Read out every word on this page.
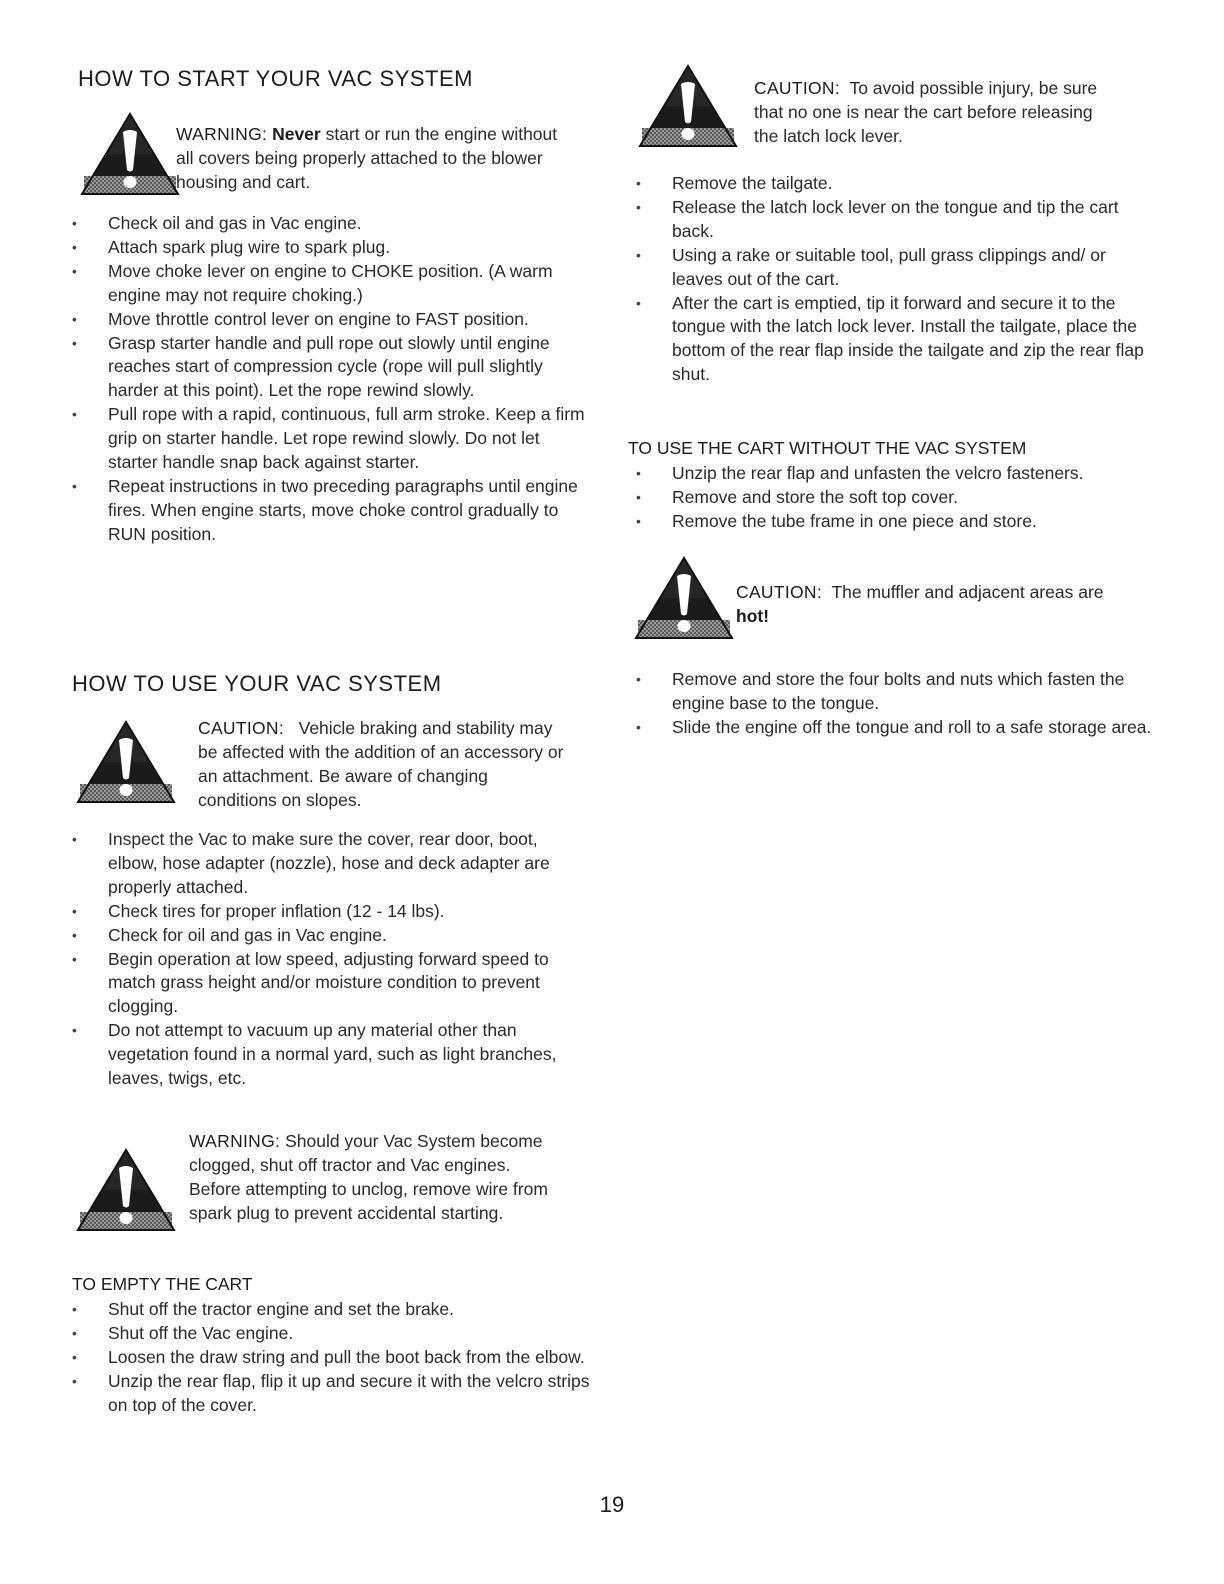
HOW TO START YOUR VAC SYSTEM

WARNING: Never start or run the engine without all covers being properly attached to the blower housing and cart.

•	Check oil and gas in Vac engine.
•	Attach spark plug wire to spark plug.
•	Move choke lever on engine to CHOKE position. (A warm engine may not require choking.)
•	Move throttle control lever on engine to FAST position.
•	Grasp starter handle and pull rope out slowly until engine reaches start of compression cycle (rope will pull slightly harder at this point). Let the rope rewind slowly.
•	Pull rope with a rapid, continuous, full arm stroke. Keep a firm grip on starter handle. Let rope rewind slowly. Do not let starter handle snap back against starter.
•	Repeat instructions in two preceding paragraphs until engine fires. When engine starts, move choke control gradually to RUN position.
HOW TO USE YOUR VAC SYSTEM

CAUTION: Vehicle braking and stability may be affected with the addition of an accessory or an attachment. Be aware of changing conditions on slopes.

•	Inspect the Vac to make sure the cover, rear door, boot, elbow, hose adapter (nozzle), hose and deck adapter are properly attached.
•	Check tires for proper inflation (12 - 14 lbs).
•	Check for oil and gas in Vac engine.
•	Begin operation at low speed, adjusting forward speed to match grass height and/or moisture condition to prevent clogging.
•	Do not attempt to vacuum up any material other than vegetation found in a normal yard, such as light branches, leaves, twigs, etc.

WARNING: Should your Vac System become clogged, shut off tractor and Vac engines. Before attempting to unclog, remove wire from spark plug to prevent accidental starting.

TO EMPTY THE CART
•	Shut off the tractor engine and set the brake.
•	Shut off the Vac engine.
•	Loosen the draw string and pull the boot back from the elbow.
•	Unzip the rear flap, flip it up and secure it with the velcro strips on top of the cover.

CAUTION: To avoid possible injury, be sure that no one is near the cart before releasing the latch lock lever.

•	Remove the tailgate.
•	Release the latch lock lever on the tongue and tip the cart back.
•	Using a rake or suitable tool, pull grass clippings and/ or leaves out of the cart.
•	After the cart is emptied, tip it forward and secure it to the tongue with the latch lock lever. Install the tailgate, place the bottom of the rear flap inside the tailgate and zip the rear flap shut.
TO USE THE CART WITHOUT THE VAC SYSTEM
•	Unzip the rear flap and unfasten the velcro fasteners.
•	Remove and store the soft top cover.
•	Remove the tube frame in one piece and store.

CAUTION: The muffler and adjacent areas are hot!

•	Remove and store the four bolts and nuts which fasten the engine base to the tongue.
•	Slide the engine off the tongue and roll to a safe storage area.
19
